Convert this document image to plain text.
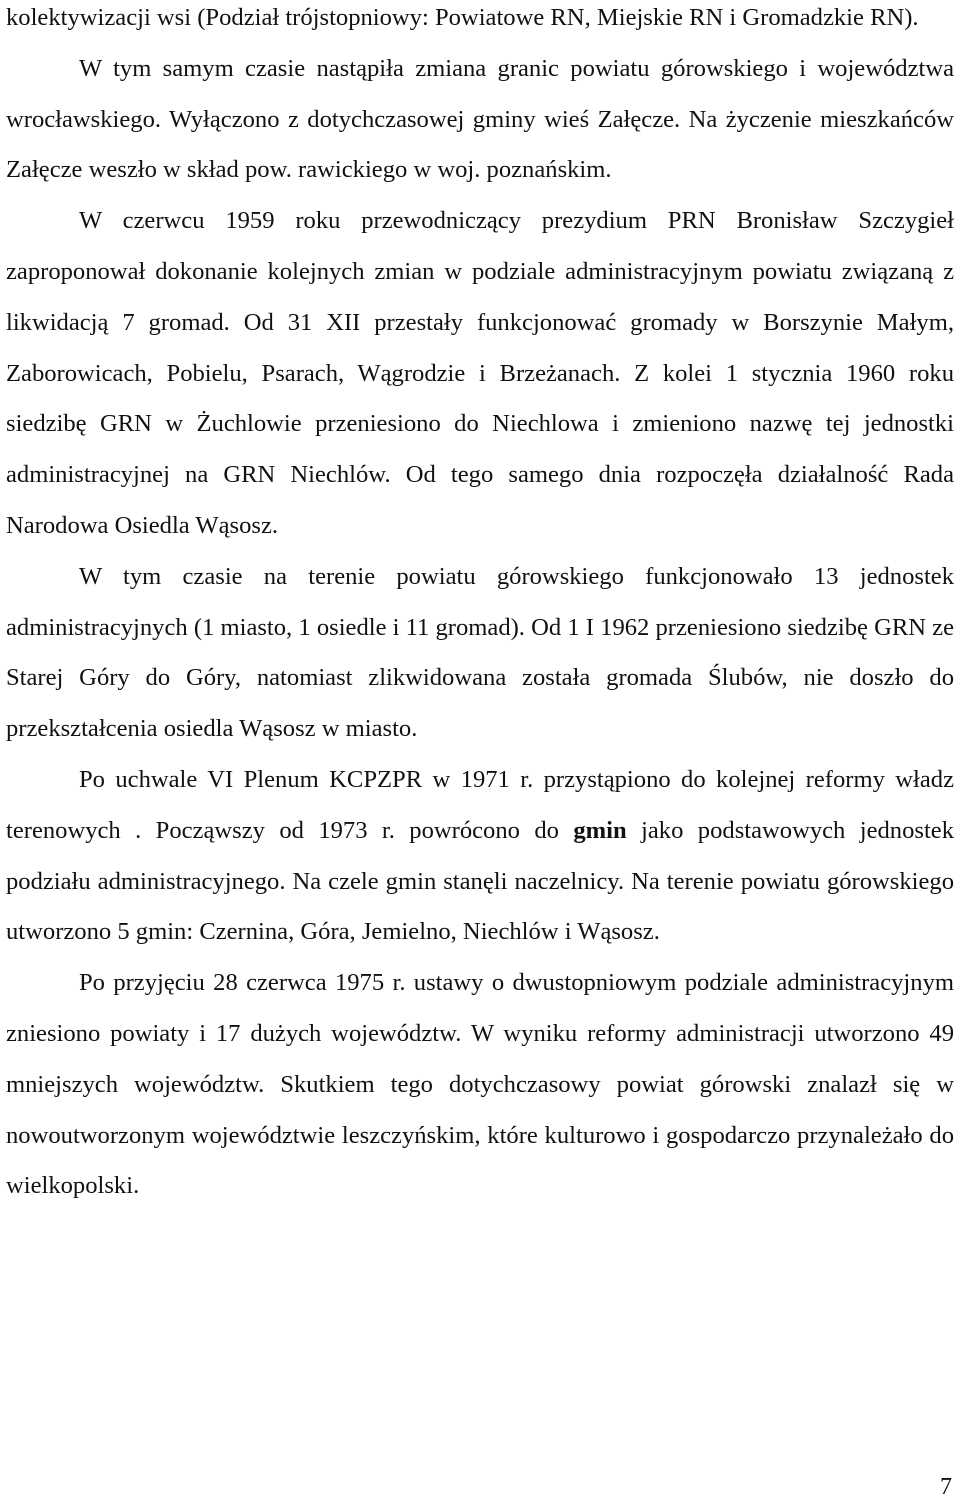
kolektywizacji wsi (Podział trójstopniowy: Powiatowe RN, Miejskie RN i Gromadzkie RN).

W tym samym czasie nastąpiła zmiana granic powiatu górowskiego i województwa wrocławskiego. Wyłączono z dotychczasowej gminy wieś Załęcze. Na życzenie mieszkańców Załęcze weszło w skład pow. rawickiego w woj. poznańskim.

W czerwcu 1959 roku przewodniczący prezydium PRN Bronisław Szczygieł zaproponował dokonanie kolejnych zmian w podziale administracyjnym powiatu związaną z likwidacją 7 gromad. Od 31 XII przestały funkcjonować gromady w Borszynie Małym, Zaborowicach, Pobielu, Psarach, Wągrodzie i Brzeżanach. Z kolei 1 stycznia 1960 roku siedzibę GRN w Żuchlowie przeniesiono do Niechlowa i zmieniono nazwę tej jednostki administracyjnej na GRN Niechlów. Od tego samego dnia rozpoczęła działalność Rada Narodowa Osiedla Wąsosz.

W tym czasie na terenie powiatu górowskiego funkcjonowało 13 jednostek administracyjnych (1 miasto, 1 osiedle i 11 gromad). Od 1 I 1962 przeniesiono siedzibę GRN ze Starej Góry do Góry, natomiast zlikwidowana została gromada Ślubów, nie doszło do przekształcenia osiedla Wąsosz w miasto.

Po uchwale VI Plenum KCPZPR w 1971 r. przystąpiono do kolejnej reformy władz terenowych . Począwszy od 1973 r. powrócono do gmin jako podstawowych jednostek podziału administracyjnego. Na czele gmin stanęli naczelnicy. Na terenie powiatu górowskiego utworzono 5 gmin: Czernina, Góra, Jemielno, Niechlów i Wąsosz.

Po przyjęciu 28 czerwca 1975 r. ustawy o dwustopniowym podziale administracyjnym zniesiono powiaty i 17 dużych województw. W wyniku reformy administracji utworzono 49 mniejszych województw. Skutkiem tego dotychczasowy powiat górowski znalazł się w nowoutworzonym województwie leszczyńskim, które kulturowo i gospodarczo przynależało do wielkopolski.

7
